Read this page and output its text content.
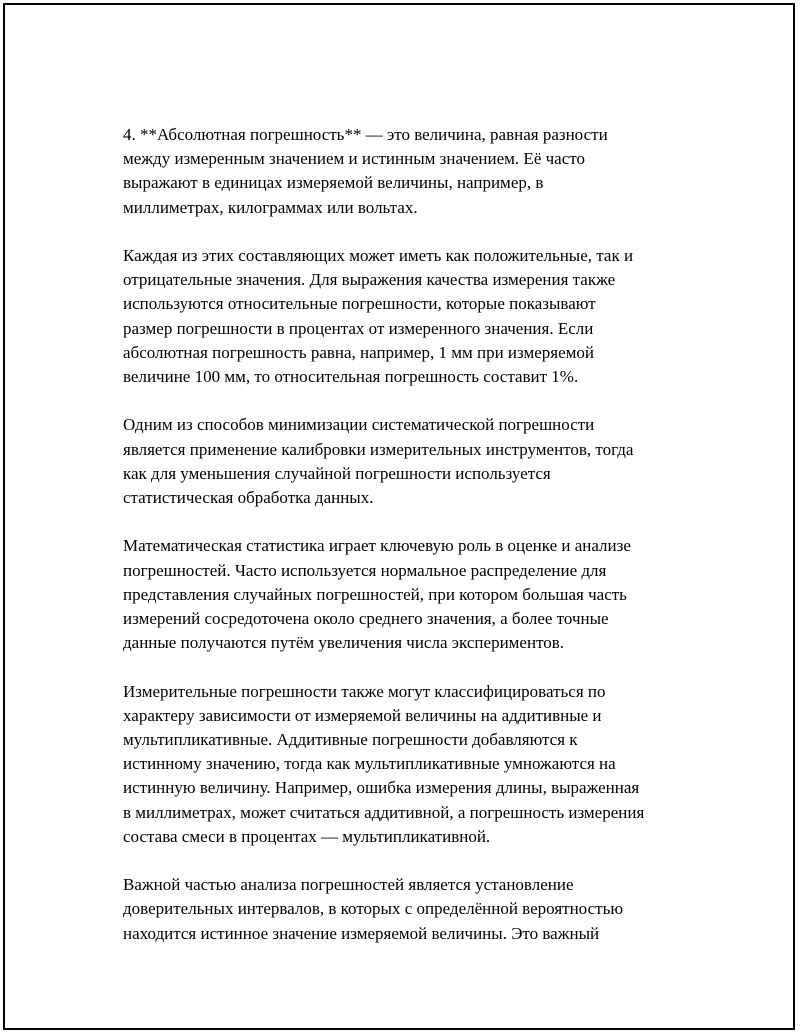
4. **Абсолютная погрешность** — это величина, равная разности
между измеренным значением и истинным значением. Её часто
выражают в единицах измеряемой величины, например, в
миллиметрах, килограммах или вольтах.

Каждая из этих составляющих может иметь как положительные, так и
отрицательные значения. Для выражения качества измерения также
используются относительные погрешности, которые показывают
размер погрешности в процентах от измеренного значения. Если
абсолютная погрешность равна, например, 1 мм при измеряемой
величине 100 мм, то относительная погрешность составит 1%.

Одним из способов минимизации систематической погрешности
является применение калибровки измерительных инструментов, тогда
как для уменьшения случайной погрешности используется
статистическая обработка данных.

Математическая статистика играет ключевую роль в оценке и анализе
погрешностей. Часто используется нормальное распределение для
представления случайных погрешностей, при котором большая часть
измерений сосредоточена около среднего значения, а более точные
данные получаются путём увеличения числа экспериментов.

Измерительные погрешности также могут классифицироваться по
характеру зависимости от измеряемой величины на аддитивные и
мультипликативные. Аддитивные погрешности добавляются к
истинному значению, тогда как мультипликативные умножаются на
истинную величину. Например, ошибка измерения длины, выраженная
в миллиметрах, может считаться аддитивной, а погрешность измерения
состава смеси в процентах — мультипликативной.

Важной частью анализа погрешностей является установление
доверительных интервалов, в которых с определённой вероятностью
находится истинное значение измеряемой величины. Это важный
